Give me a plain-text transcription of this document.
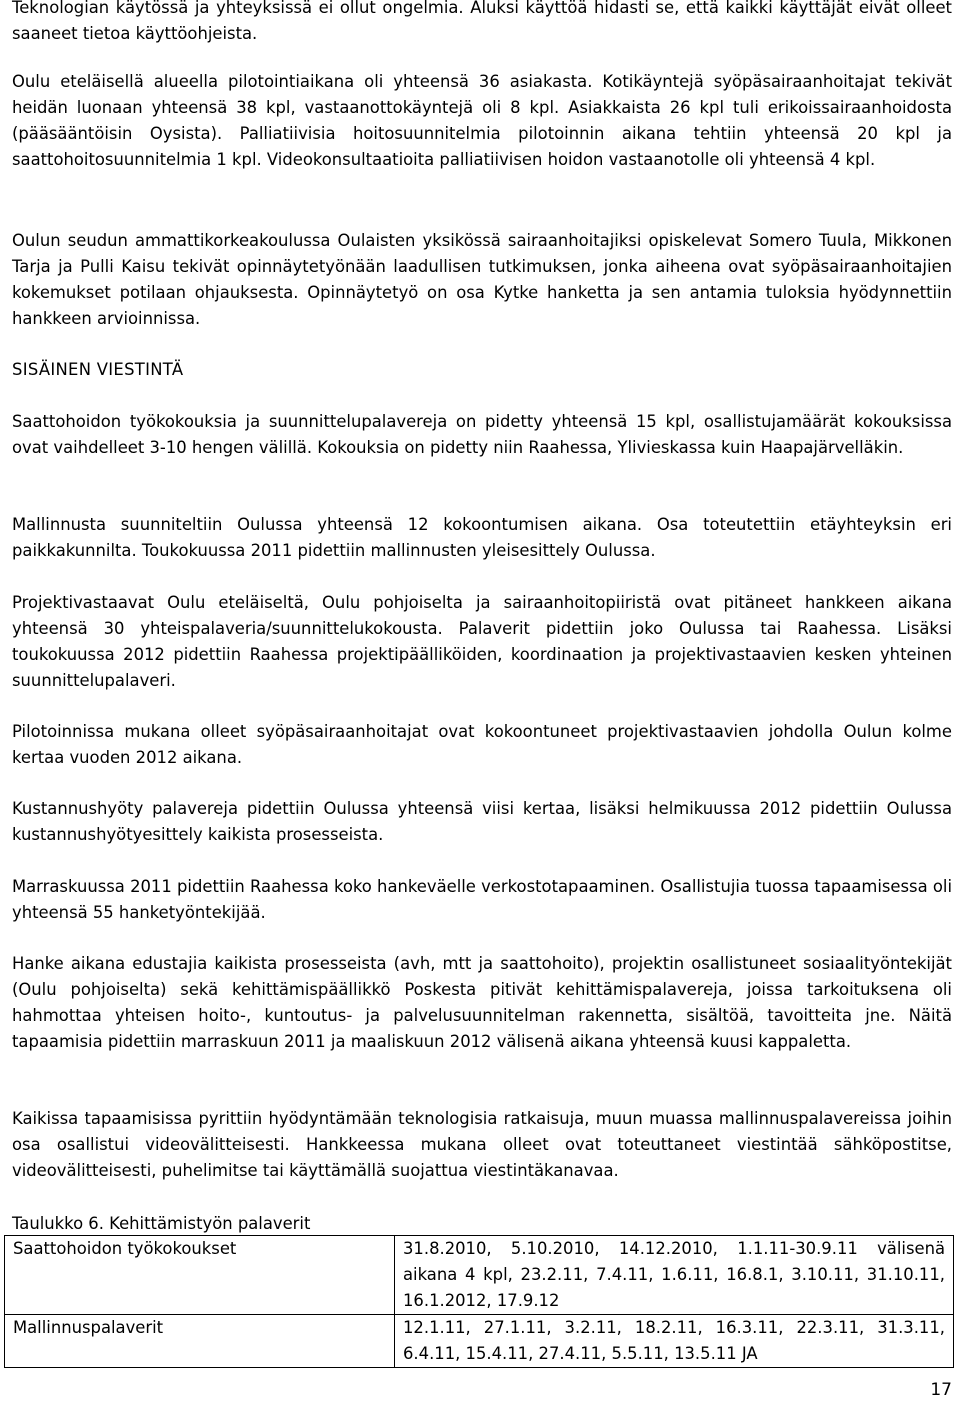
Teknologian käytössä ja yhteyksissä ei ollut ongelmia. Aluksi käyttöä hidasti se, että kaikki käyttäjät eivät olleet saaneet tietoa käyttöohjeista.

Oulu eteläisellä alueella pilotointiaikana oli yhteensä 36 asiakasta. Kotikäyntejä syöpäsairaanhoitajat tekivät heidän luonaan yhteensä 38 kpl, vastaanottokäyntejä oli 8 kpl. Asiakkaista 26 kpl tuli erikoissairaanhoidosta (pääsääntöisin Oysista). Palliatiivisia hoitosuunnitelmia pilotoinnin aikana tehtiin yhteensä 20 kpl ja saattohoitosuunnitelmia 1 kpl. Videokonsultaatioita palliatiivisen hoidon vastaanotolle oli yhteensä 4 kpl.

Oulun seudun ammattikorkeakoulussa Oulaisten yksikössä sairaanhoitajiksi opiskelevat Somero Tuula, Mikkonen Tarja ja Pulli Kaisu tekivät opinnäytetyönään laadullisen tutkimuksen, jonka aiheena ovat syöpäsairaanhoitajien kokemukset potilaan ohjauksesta. Opinnäytetyö on osa Kytke hanketta ja sen antamia tuloksia hyödynnettiin hankkeen arvioinnissa.

SISÄINEN VIESTINTÄ

Saattohoidon työkokouksia ja suunnittelupalavereja on pidetty yhteensä 15 kpl, osallistujamäärät kokouksissa ovat vaihdelleet 3-10 hengen välillä. Kokouksia on pidetty niin Raahessa, Ylivieskassa kuin Haapajärvelläkin.

Mallinnusta suunniteltiin Oulussa yhteensä 12 kokoontumisen aikana. Osa toteutettiin etäyhteyksin eri paikkakunnilta. Toukokuussa 2011 pidettiin mallinnusten yleisesittely Oulussa.

Projektivastaavat Oulu eteläiseltä, Oulu pohjoiselta ja sairaanhoitopiiristä ovat pitäneet hankkeen aikana yhteensä 30 yhteispalaveria/suunnittelukokousta. Palaverit pidettiin joko Oulussa tai Raahessa. Lisäksi toukokuussa 2012 pidettiin Raahessa projektipäälliköiden, koordinaation ja projektivastaavien kesken yhteinen suunnittelupalaveri.

Pilotoinnissa mukana olleet syöpäsairaanhoitajat ovat kokoontuneet projektivastaavien johdolla Oulun kolme kertaa vuoden 2012 aikana.

Kustannushyöty palavereja pidettiin Oulussa yhteensä viisi kertaa, lisäksi helmikuussa 2012 pidettiin Oulussa kustannushyötyesittely kaikista prosesseista.

Marraskuussa 2011 pidettiin Raahessa koko hankeväelle verkostotapaaminen. Osallistujia tuossa tapaamisessa oli yhteensä 55 hanketyöntekijää.

Hanke aikana edustajia kaikista prosesseista (avh, mtt ja saattohoito), projektin osallistuneet sosiaalityöntekijät (Oulu pohjoiselta) sekä kehittämispäällikkö Poskesta pitivät kehittämispalavereja, joissa tarkoituksena oli hahmottaa yhteisen hoito-, kuntoutus- ja palvelusuunnitelman rakennetta, sisältöä, tavoitteita jne. Näitä tapaamisia pidettiin marraskuun 2011 ja maaliskuun 2012 välisenä aikana yhteensä kuusi kappaletta.

Kaikissa tapaamisissa pyrittiin hyödyntämään teknologisia ratkaisuja, muun muassa mallinnuspalavereissa joihin osa osallistui videovälitteisesti. Hankkeessa mukana olleet ovat toteuttaneet viestintää sähköpostitse, videovälitteisesti, puhelimitse tai käyttämällä suojattua viestintäkanavaa.

Taulukko 6. Kehittämistyön palaverit

Saattohoidon työkokoukset	31.8.2010, 5.10.2010, 14.12.2010, 1.1.11-30.9.11 välisenä aikana 4 kpl, 23.2.11, 7.4.11, 1.6.11, 16.8.1, 3.10.11, 31.10.11, 16.1.2012, 17.9.12
Mallinnuspalaverit	12.1.11, 27.1.11, 3.2.11, 18.2.11, 16.3.11, 22.3.11, 31.3.11, 6.4.11, 15.4.11, 27.4.11, 5.5.11, 13.5.11 JA

17
